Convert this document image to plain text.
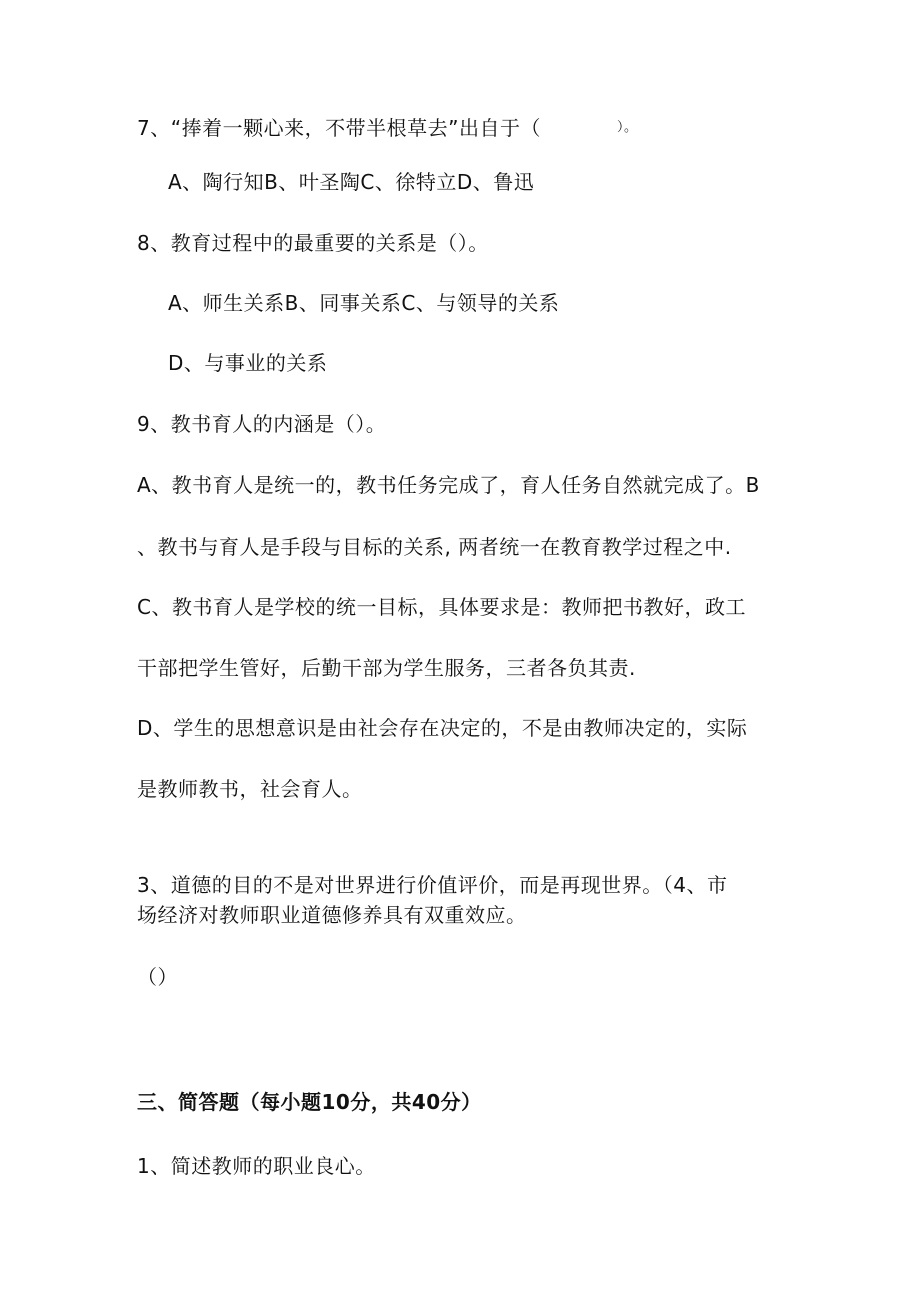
7、“捧着一颗心来，不带半根草去”出自于（	）。
A、陶行知B、叶圣陶C、徐特立D、鲁迅
8、教育过程中的最重要的关系是（）。
A、师生关系B、同事关系C、与领导的关系
D、与事业的关系
9、教书育人的内涵是（）。
A、教书育人是统一的，教书任务完成了，育人任务自然就完成了。B
、教书与育人是手段与目标的关系, 两者统一在教育教学过程之中.
C、教书育人是学校的统一目标，具体要求是：教师把书教好，政工
干部把学生管好，后勤干部为学生服务，三者各负其责.
D、学生的思想意识是由社会存在决定的，不是由教师决定的，实际
是教师教书，社会育人。
3、道德的目的不是对世界进行价值评价，而是再现世界。（4、市
场经济对教师职业道德修养具有双重效应。
（）
三、简答题（每小题10分，共40分）
1、简述教师的职业良心。
